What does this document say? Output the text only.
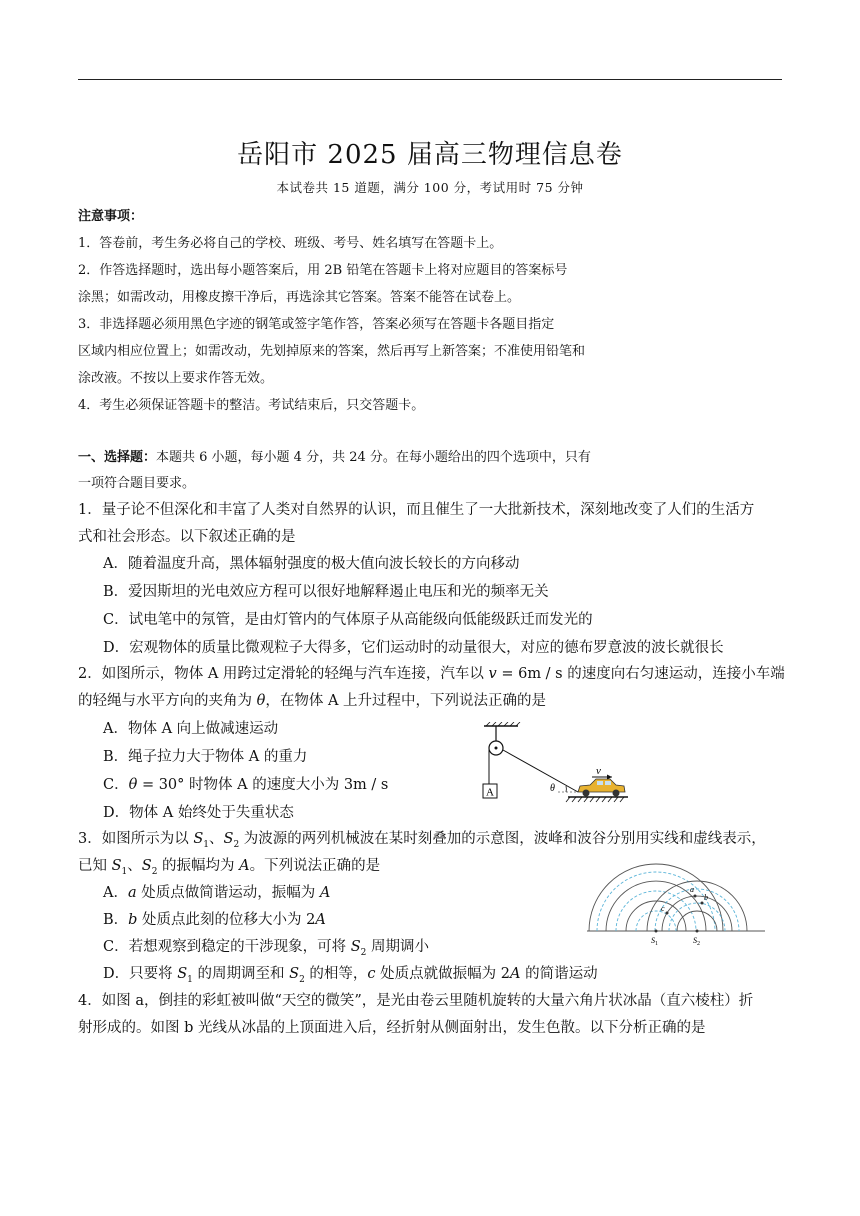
岳阳市 2025 届高三物理信息卷
本试卷共 15 道题，满分 100 分，考试用时 75 分钟
注意事项：
1．答卷前，考生务必将自己的学校、班级、考号、姓名填写在答题卡上。
2．作答选择题时，选出每小题答案后，用 2B 铅笔在答题卡上将对应题目的答案标号
涂黑；如需改动，用橡皮擦干净后，再选涂其它答案。答案不能答在试卷上。
3．非选择题必须用黑色字迹的钢笔或签字笔作答，答案必须写在答题卡各题目指定
区域内相应位置上；如需改动，先划掉原来的答案，然后再写上新答案；不准使用铅笔和
涂改液。不按以上要求作答无效。
4．考生必须保证答题卡的整洁。考试结束后，只交答题卡。
一、选择题：本题共 6 小题，每小题 4 分，共 24 分。在每小题给出的四个选项中，只有
一项符合题目要求。
1．量子论不但深化和丰富了人类对自然界的认识，而且催生了一大批新技术，深刻地改变了人们的生活方
式和社会形态。以下叙述正确的是
A．随着温度升高，黑体辐射强度的极大值向波长较长的方向移动
B．爱因斯坦的光电效应方程可以很好地解释遏止电压和光的频率无关
C．试电笔中的氖管，是由灯管内的气体原子从高能级向低能级跃迁而发光的
D．宏观物体的质量比微观粒子大得多，它们运动时的动量很大，对应的德布罗意波的波长就很长
2．如图所示，物体 A 用跨过定滑轮的轻绳与汽车连接，汽车以 v = 6m / s 的速度向右匀速运动，连接小车端
的轻绳与水平方向的夹角为 θ，在物体 A 上升过程中，下列说法正确的是
A．物体 A 向上做减速运动
B．绳子拉力大于物体 A 的重力
C．θ = 30° 时物体 A 的速度大小为 3m / s
D．物体 A 始终处于失重状态
A
v
θ
3．如图所示为以 $S_1$、$S_2$ 为波源的两列机械波在某时刻叠加的示意图，波峰和波谷分别用实线和虚线表示，
已知 $S_1$、$S_2$ 的振幅均为 A。下列说法正确的是
A．a 处质点做简谐运动，振幅为 A
B．b 处质点此刻的位移大小为 2A
C．若想观察到稳定的干涉现象，可将 $S_2$ 周期调小
D．只要将 $S_1$ 的周期调至和 $S_2$ 的相等，c 处质点就做振幅为 2A 的简谐运动
a
b
c
$S_1$	$S_2$
4．如图 a，倒挂的彩虹被叫做“天空的微笑”，是光由卷云里随机旋转的大量六角片状冰晶（直六棱柱）折
射形成的。如图 b 光线从冰晶的上顶面进入后，经折射从侧面射出，发生色散。以下分析正确的是
